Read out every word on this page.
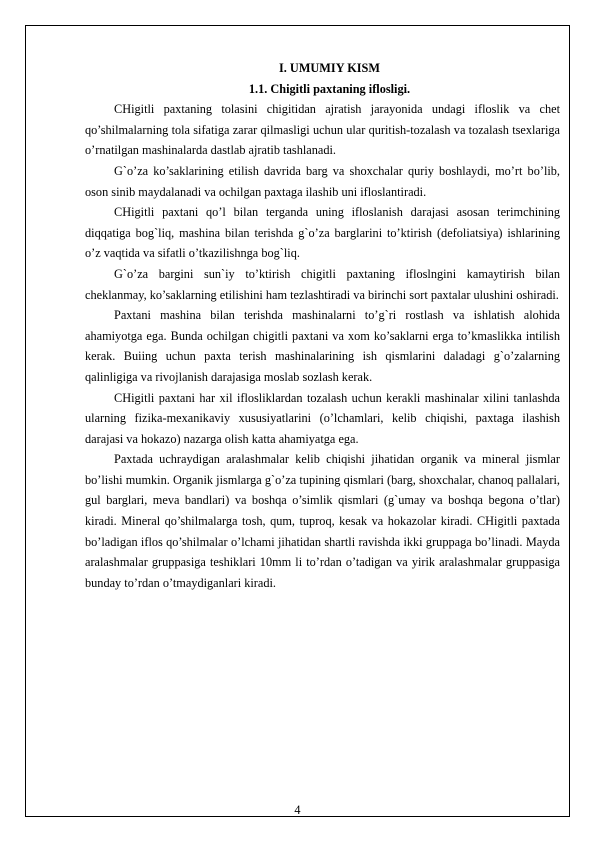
I. UMUMIY KISM

1.1. Chigitli paxtaning iflosligi.

CHigitli paxtaning tolasini chigitidan ajratish jarayonida undagi ifloslik va chet qo’shilmalarning tola sifatiga zarar qilmasligi uchun ular quritish-tozalash va tozalash tsexlariga o’rnatilgan mashinalarda dastlab ajratib tashlanadi.

G`o’za ko’saklarining etilish davrida barg va shoxchalar quriy boshlaydi, mo’rt bo’lib, oson sinib maydalanadi va ochilgan paxtaga ilashib uni ifloslantiradi.

CHigitli paxtani qo’l bilan terganda uning ifloslanish darajasi asosan terimchining diqqatiga bog`liq, mashina bilan terishda g`o’za barglarini to’ktirish (defoliatsiya) ishlarining o’z vaqtida va sifatli o’tkazilishnga bog`liq.

G`o’za bargini sun`iy to’ktirish chigitli paxtaning ifloslngini kamaytirish bilan cheklanmay, ko’saklarning etilishini ham tezlashtiradi va birinchi sort paxtalar ulushini oshiradi.

Paxtani mashina bilan terishda mashinalarni to’g`ri rostlash va ishlatish alohida ahamiyotga ega. Bunda ochilgan chigitli paxtani va xom ko’saklarni erga to’kmaslikka intilish kerak. Buiing uchun paxta terish mashinalarining ish qismlarini daladagi g`o’zalarning qalinligiga va rivojlanish darajasiga moslab sozlash kerak.

CHigitli paxtani har xil iflosliklardan tozalash uchun kerakli mashinalar xilini tanlashda ularning fizika-mexanikaviy xususiyatlarini (o’lchamlari, kelib chiqishi, paxtaga ilashish darajasi va hokazo) nazarga olish katta ahamiyatga ega.

Paxtada uchraydigan aralashmalar kelib chiqishi jihatidan organik va mineral jismlar bo’lishi mumkin. Organik jismlarga g`o’za tupining qismlari (barg, shoxchalar, chanoq pallalari, gul barglari, meva bandlari) va boshqa o’simlik qismlari (g`umay va boshqa begona o’tlar) kiradi. Mineral qo’shilmalarga tosh, qum, tuproq, kesak va hokazolar kiradi. CHigitli paxtada bo’ladigan iflos qo’shilmalar o’lchami jihatidan shartli ravishda ikki gruppaga bo’linadi. Mayda aralashmalar gruppasiga teshiklari 10mm li to’rdan o’tadigan va yirik aralashmalar gruppasiga bunday to’rdan o’tmaydiganlari kiradi.

4
